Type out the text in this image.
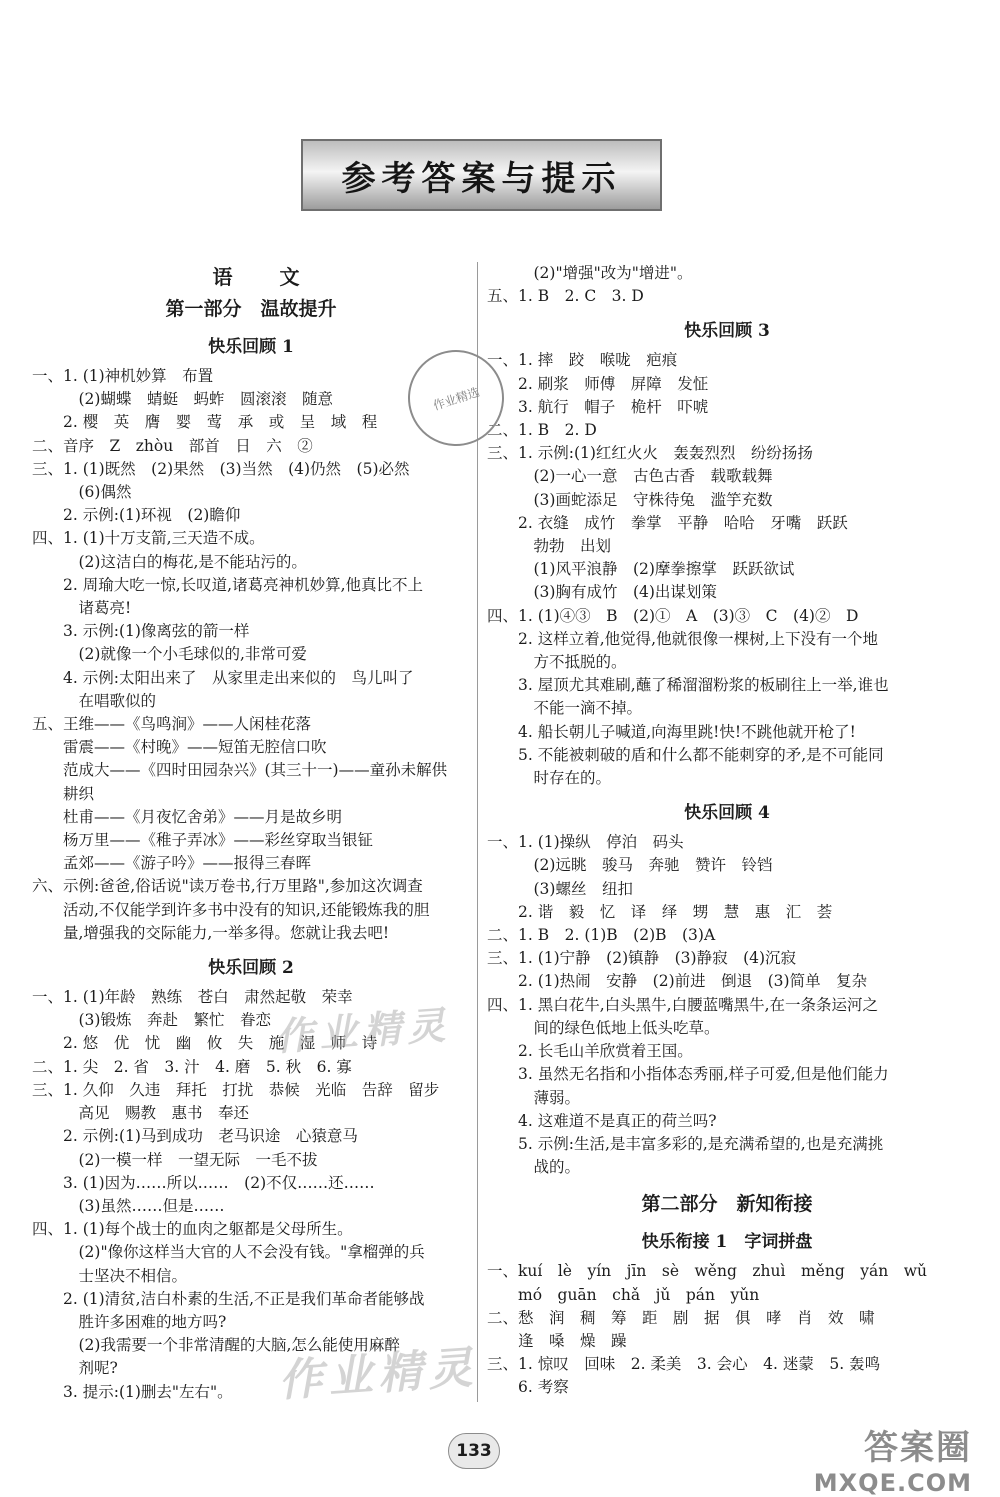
参考答案与提示
语 文
第一部分　温故提升
快乐回顾 1
一、1. (1)神机妙算　布置
　　　(2)蝴蝶　蜻蜓　蚂蚱　圆滚滚　随意
　　2. 樱　英　膺　婴　莺　承　或　呈　域　程
二、音序　Z　zhòu　部首　日　六　②
三、1. (1)既然　(2)果然　(3)当然　(4)仍然　(5)必然
　　　(6)偶然
　　2. 示例:(1)环视　(2)瞻仰
四、1. (1)十万支箭,三天造不成。
　　　(2)这洁白的梅花,是不能玷污的。
　　2. 周瑜大吃一惊,长叹道,诸葛亮神机妙算,他真比不上
　　　诸葛亮!
　　3. 示例:(1)像离弦的箭一样
　　　(2)就像一个小毛球似的,非常可爱
　　4. 示例:太阳出来了　从家里走出来似的　鸟儿叫了
　　　在唱歌似的
五、王维——《鸟鸣涧》——人闲桂花落
　　雷震——《村晚》——短笛无腔信口吹
　　范成大——《四时田园杂兴》(其三十一)——童孙未解供
　　耕织
　　杜甫——《月夜忆舍弟》——月是故乡明
　　杨万里——《稚子弄冰》——彩丝穿取当银钲
　　孟郊——《游子吟》——报得三春晖
六、示例:爸爸,俗话说"读万卷书,行万里路",参加这次调查
　　活动,不仅能学到许多书中没有的知识,还能锻炼我的胆
　　量,增强我的交际能力,一举多得。您就让我去吧!
快乐回顾 2
一、1. (1)年龄　熟练　苍白　肃然起敬　荣幸
　　　(3)锻炼　奔赴　繁忙　眷恋
　　2. 悠　优　忧　幽　攸　失　施　湿　师　诗
二、1. 尖　2. 省　3. 汁　4. 磨　5. 秋　6. 寡
三、1. 久仰　久违　拜托　打扰　恭候　光临　告辞　留步
　　　高见　赐教　惠书　奉还
　　2. 示例:(1)马到成功　老马识途　心猿意马
　　　(2)一模一样　一望无际　一毛不拔
　　3. (1)因为……所以……　(2)不仅……还……
　　　(3)虽然……但是……
四、1. (1)每个战士的血肉之躯都是父母所生。
　　　(2)"像你这样当大官的人不会没有钱。"拿榴弹的兵
　　　士坚决不相信。
　　2. (1)清贫,洁白朴素的生活,不正是我们革命者能够战
　　　胜许多困难的地方吗?
　　　(2)我需要一个非常清醒的大脑,怎么能使用麻醉
　　　剂呢?
　　3. 提示:(1)删去"左右"。
　　　(2)"增强"改为"增进"。
五、1. B　2. C　3. D
快乐回顾 3
一、1. 摔　跤　喉咙　疤痕
　　2. 刷浆　师傅　屏障　发怔
　　3. 航行　帽子　桅杆　吓唬
二、1. B　2. D
三、1. 示例:(1)红红火火　轰轰烈烈　纷纷扬扬
　　　(2)一心一意　古色古香　载歌载舞
　　　(3)画蛇添足　守株待兔　滥竽充数
　　2. 衣缝　成竹　拳掌　平静　哈哈　牙嘴　跃跃
　　　勃勃　出划
　　　(1)风平浪静　(2)摩拳擦掌　跃跃欲试
　　　(3)胸有成竹　(4)出谋划策
四、1. (1)④③　B　(2)①　A　(3)③　C　(4)②　D
　　2. 这样立着,他觉得,他就很像一棵树,上下没有一个地
　　　方不抵脱的。
　　3. 屋顶尤其难刷,蘸了稀溜溜粉浆的板刷往上一举,谁也
　　　不能一滴不掉。
　　4. 船长朝儿子喊道,向海里跳!快!不跳他就开枪了!
　　5. 不能被刺破的盾和什么都不能刺穿的矛,是不可能同
　　　时存在的。
快乐回顾 4
一、1. (1)操纵　停泊　码头
　　　(2)远眺　骏马　奔驰　赞许　铃铛
　　　(3)螺丝　纽扣
　　2. 谐　毅　忆　译　绎　甥　慧　惠　汇　荟
二、1. B　2. (1)B　(2)B　(3)A
三、1. (1)宁静　(2)镇静　(3)静寂　(4)沉寂
　　2. (1)热闹　安静　(2)前进　倒退　(3)简单　复杂
四、1. 黑白花牛,白头黑牛,白腰蓝嘴黑牛,在一条条运河之
　　　间的绿色低地上低头吃草。
　　2. 长毛山羊欣赏着王国。
　　3. 虽然无名指和小指体态秀丽,样子可爱,但是他们能力
　　　薄弱。
　　4. 这难道不是真正的荷兰吗?
　　5. 示例:生活,是丰富多彩的,是充满希望的,也是充满挑
　　　战的。
第二部分　新知衔接
快乐衔接 1　字词拼盘
一、kuí　lè　yín　jīn　sè　wěng　zhuì　měng　yán　wǔ
　　mó　guān　chǎ　jǔ　pán　yǔn
二、愁　润　稠　筹　距　剧　据　俱　哮　肖　效　啸
　　逢　嗓　燥　躁
三、1. 惊叹　回味　2. 柔美　3. 会心　4. 迷蒙　5. 轰鸣
　　6. 考察
作业精选
作业精灵
作业精灵
133	答案圈
MXQE.COM
